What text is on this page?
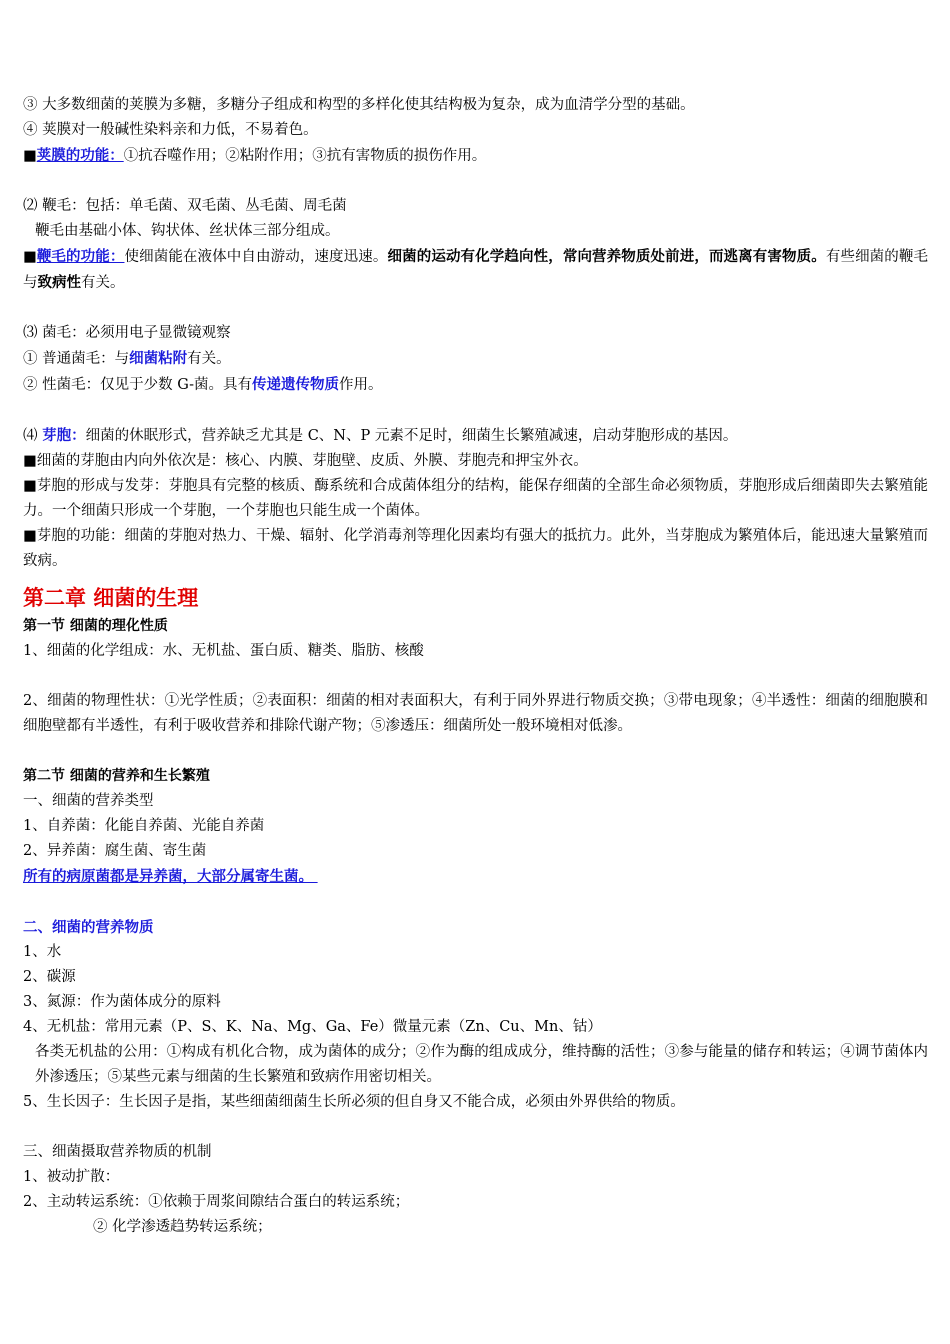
③ 大多数细菌的荚膜为多糖，多糖分子组成和构型的多样化使其结构极为复杂，成为血清学分型的基础。
④ 荚膜对一般碱性染料亲和力低，不易着色。
■荚膜的功能：①抗吞噬作用；②粘附作用；③抗有害物质的损伤作用。
⑵ 鞭毛：包括：单毛菌、双毛菌、丛毛菌、周毛菌
鞭毛由基础小体、钩状体、丝状体三部分组成。
■鞭毛的功能：使细菌能在液体中自由游动，速度迅速。细菌的运动有化学趋向性，常向营养物质处前进，而逃离有害物质。有些细菌的鞭毛与致病性有关。
⑶ 菌毛：必须用电子显微镜观察
① 普通菌毛：与细菌粘附有关。
② 性菌毛：仅见于少数 G-菌。具有传递遗传物质作用。
⑷ 芽胞：细菌的休眠形式，营养缺乏尤其是 C、N、P 元素不足时，细菌生长繁殖减速，启动芽胞形成的基因。
■细菌的芽胞由内向外依次是：核心、内膜、芽胞壁、皮质、外膜、芽胞壳和押宝外衣。
■芽胞的形成与发芽：芽胞具有完整的核质、酶系统和合成菌体组分的结构，能保存细菌的全部生命必须物质，芽胞形成后细菌即失去繁殖能力。一个细菌只形成一个芽胞，一个芽胞也只能生成一个菌体。
■芽胞的功能：细菌的芽胞对热力、干燥、辐射、化学消毒剂等理化因素均有强大的抵抗力。此外，当芽胞成为繁殖体后，能迅速大量繁殖而致病。
第二章 细菌的生理
第一节 细菌的理化性质
1、细菌的化学组成：水、无机盐、蛋白质、糖类、脂肪、核酸
2、细菌的物理性状：①光学性质；②表面积：细菌的相对表面积大，有利于同外界进行物质交换；③带电现象；④半透性：细菌的细胞膜和细胞壁都有半透性，有利于吸收营养和排除代谢产物；⑤渗透压：细菌所处一般环境相对低渗。
第二节 细菌的营养和生长繁殖
一、细菌的营养类型
1、自养菌：化能自养菌、光能自养菌
2、异养菌：腐生菌、寄生菌
所有的病原菌都是异养菌，大部分属寄生菌。
二、细菌的营养物质
1、水
2、碳源
3、氮源：作为菌体成分的原料
4、无机盐：常用元素（P、S、K、Na、Mg、Ga、Fe）微量元素（Zn、Cu、Mn、钴）
各类无机盐的公用：①构成有机化合物，成为菌体的成分；②作为酶的组成成分，维持酶的活性；③参与能量的储存和转运；④调节菌体内外渗透压；⑤某些元素与细菌的生长繁殖和致病作用密切相关。
5、生长因子：生长因子是指，某些细菌细菌生长所必须的但自身又不能合成，必须由外界供给的物质。
三、细菌摄取营养物质的机制
1、被动扩散：
2、主动转运系统：①依赖于周浆间隙结合蛋白的转运系统；
② 化学渗透趋势转运系统；
